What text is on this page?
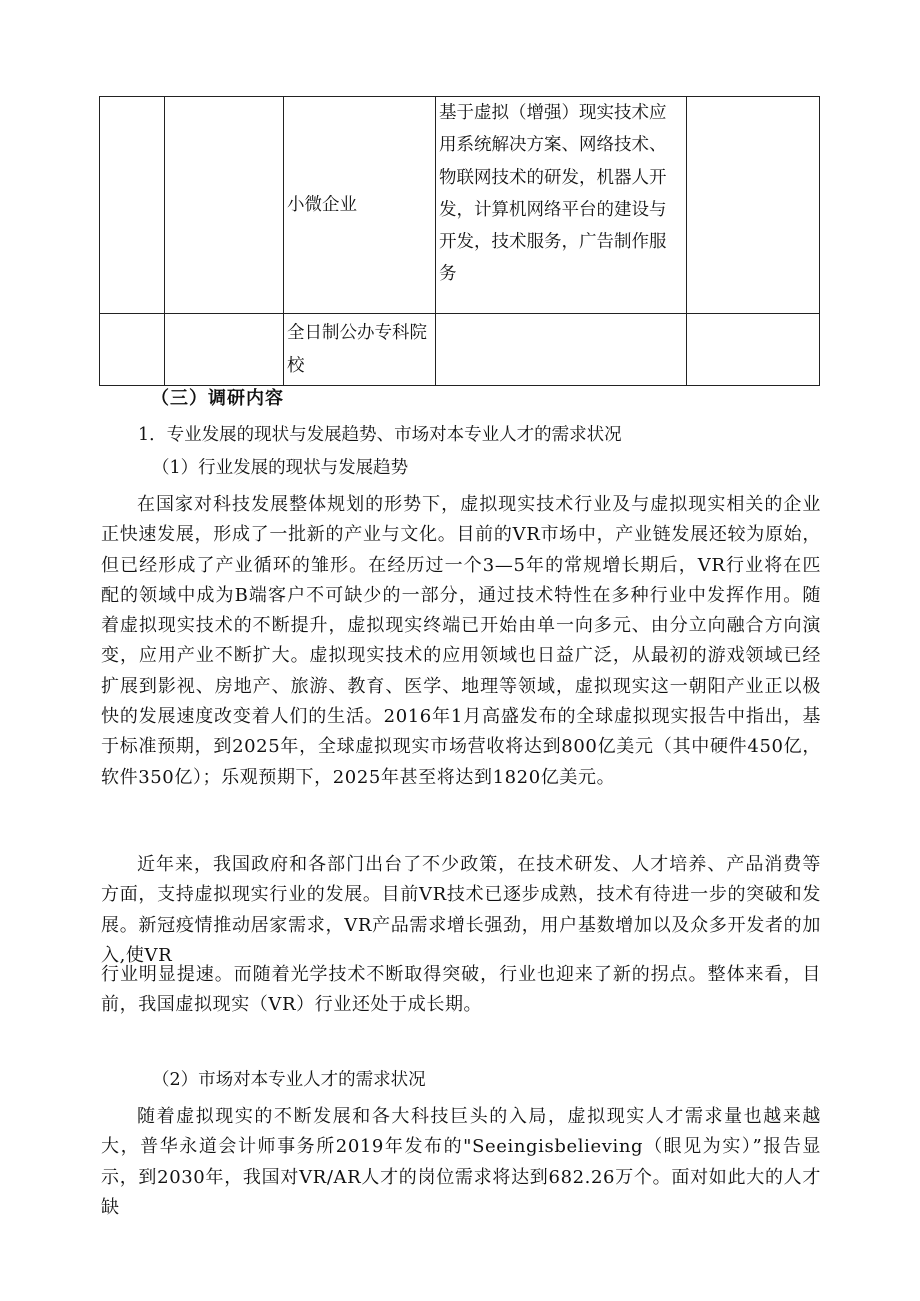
		小微企业	基于虚拟（增强）现实技术应用系统解决方案、网络技术、物联网技术的研发，机器人开发，计算机网络平台的建设与开发，技术服务，广告制作服务	
		全日制公办专科院校		
（三）调研内容
1．专业发展的现状与发展趋势、市场对本专业人才的需求状况
（1）行业发展的现状与发展趋势

在国家对科技发展整体规划的形势下，虚拟现实技术行业及与虚拟现实相关的企业正快速发展，形成了一批新的产业与文化。目前的VR市场中，产业链发展还较为原始，但已经形成了产业循环的雏形。在经历过一个3—5年的常规增长期后，VR行业将在匹配的领域中成为B端客户不可缺少的一部分，通过技术特性在多种行业中发挥作用。随着虚拟现实技术的不断提升，虚拟现实终端已开始由单一向多元、由分立向融合方向演变，应用产业不断扩大。虚拟现实技术的应用领域也日益广泛，从最初的游戏领域已经扩展到影视、房地产、旅游、教育、医学、地理等领域，虚拟现实这一朝阳产业正以极快的发展速度改变着人们的生活。2016年1月高盛发布的全球虚拟现实报告中指出，基于标准预期，到2025年，全球虚拟现实市场营收将达到800亿美元（其中硬件450亿，软件350亿）；乐观预期下，2025年甚至将达到1820亿美元。

近年来，我国政府和各部门出台了不少政策，在技术研发、人才培养、产品消费等方面，支持虚拟现实行业的发展。目前VR技术已逐步成熟，技术有待进一步的突破和发展。新冠疫情推动居家需求，VR产品需求增长强劲，用户基数增加以及众多开发者的加入,使VR

行业明显提速。而随着光学技术不断取得突破，行业也迎来了新的拐点。整体来看，目前，我国虚拟现实（VR）行业还处于成长期。

（2）市场对本专业人才的需求状况

随着虚拟现实的不断发展和各大科技巨头的入局，虚拟现实人才需求量也越来越大，普华永道会计师事务所2019年发布的"Seeingisbelieving（眼见为实）”报告显示，到2030年，我国对VR/AR人才的岗位需求将达到682.26万个。面对如此大的人才缺
